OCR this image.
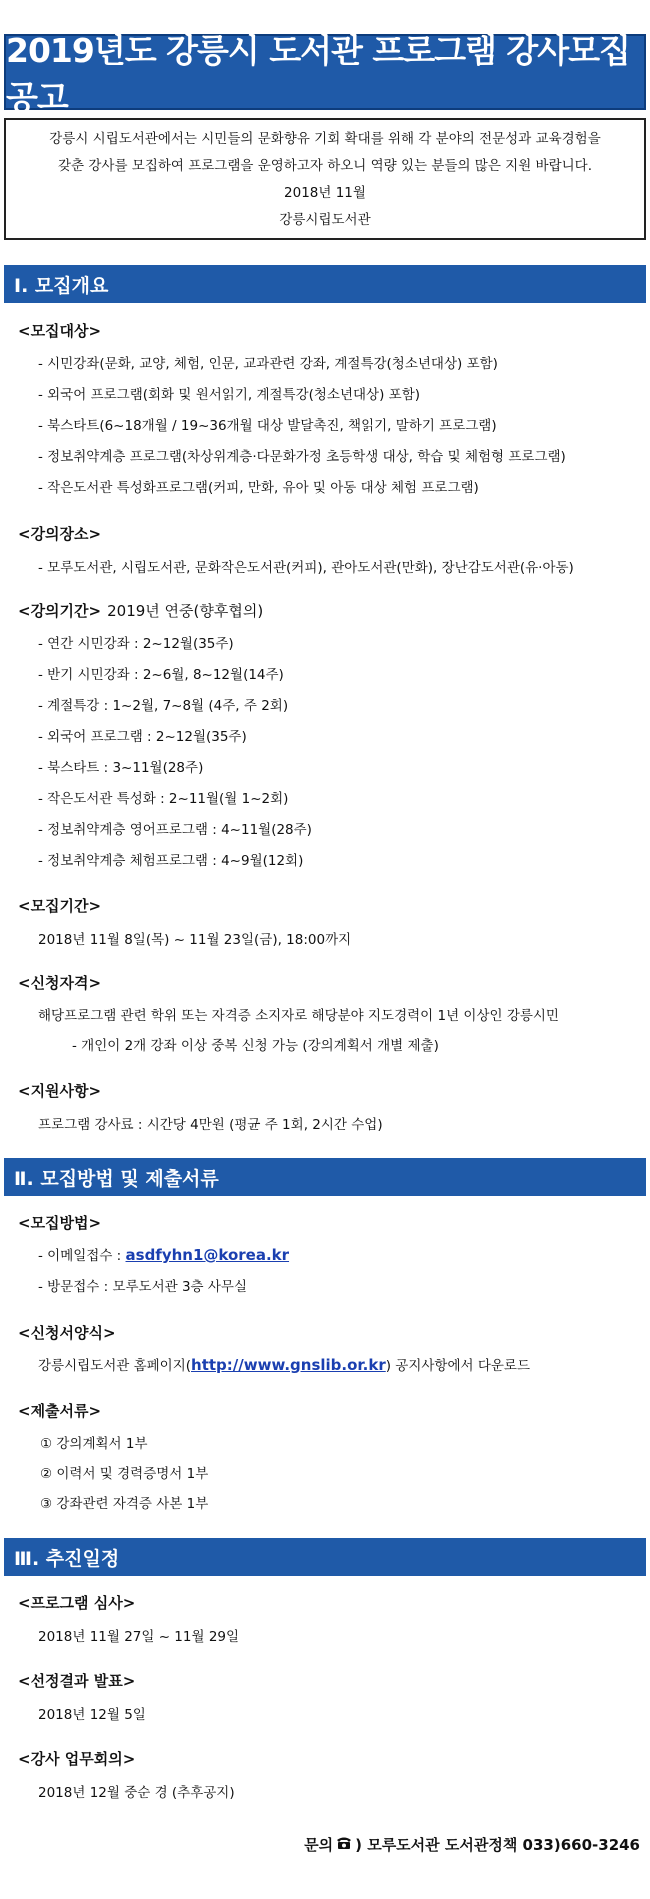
2019년도 강릉시 도서관 프로그램 강사모집 공고

강릉시 시립도서관에서는 시민들의 문화향유 기회 확대를 위해 각 분야의 전문성과 교육경험을

갖춘 강사를 모집하여 프로그램을 운영하고자 하오니 역량 있는 분들의 많은 지원 바랍니다.

2018년 11월

강릉시립도서관

Ⅰ. 모집개요
<모집대상>
- 시민강좌(문화, 교양, 체험, 인문, 교과관련 강좌, 계절특강(청소년대상) 포함)
- 외국어 프로그램(회화 및 원서읽기, 계절특강(청소년대상) 포함)
- 북스타트(6~18개월 / 19~36개월 대상 발달촉진, 책읽기, 말하기 프로그램)
- 정보취약계층 프로그램(차상위계층·다문화가정 초등학생 대상, 학습 및 체험형 프로그램)
- 작은도서관 특성화프로그램(커피, 만화, 유아 및 아동 대상 체험 프로그램)
<강의장소>
- 모루도서관, 시립도서관, 문화작은도서관(커피), 관아도서관(만화), 장난감도서관(유·아동)
<강의기간> 2019년 연중(향후협의)
- 연간 시민강좌 : 2~12월(35주)
- 반기 시민강좌 : 2~6월, 8~12월(14주)
- 계절특강 : 1~2월, 7~8월 (4주, 주 2회)
- 외국어 프로그램 : 2~12월(35주)
- 북스타트 : 3~11월(28주)
- 작은도서관 특성화 : 2~11월(월 1~2회)
- 정보취약계층 영어프로그램 : 4~11월(28주)
- 정보취약계층 체험프로그램 : 4~9월(12회)
<모집기간>
2018년 11월 8일(목) ~ 11월 23일(금), 18:00까지
<신청자격>
해당프로그램 관련 학위 또는 자격증 소지자로 해당분야 지도경력이 1년 이상인 강릉시민
- 개인이 2개 강좌 이상 중복 신청 가능 (강의계획서 개별 제출)
<지원사항>
프로그램 강사료 : 시간당 4만원 (평균 주 1회, 2시간 수업)
Ⅱ. 모집방법 및 제출서류
<모집방법>
- 이메일접수 : asdfyhn1@korea.kr
- 방문접수 : 모루도서관 3층 사무실
<신청서양식>
강릉시립도서관 홈페이지(http://www.gnslib.or.kr) 공지사항에서 다운로드
<제출서류>
① 강의계획서 1부
② 이력서 및 경력증명서 1부
③ 강좌관련 자격증 사본 1부
Ⅲ. 추진일정
<프로그램 심사>
2018년 11월 27일 ~ 11월 29일
<선정결과 발표>
2018년 12월 5일
<강사 업무회의>
2018년 12월 중순 경 (추후공지)
문의 ) 모루도서관 도서관정책 033)660-3246
